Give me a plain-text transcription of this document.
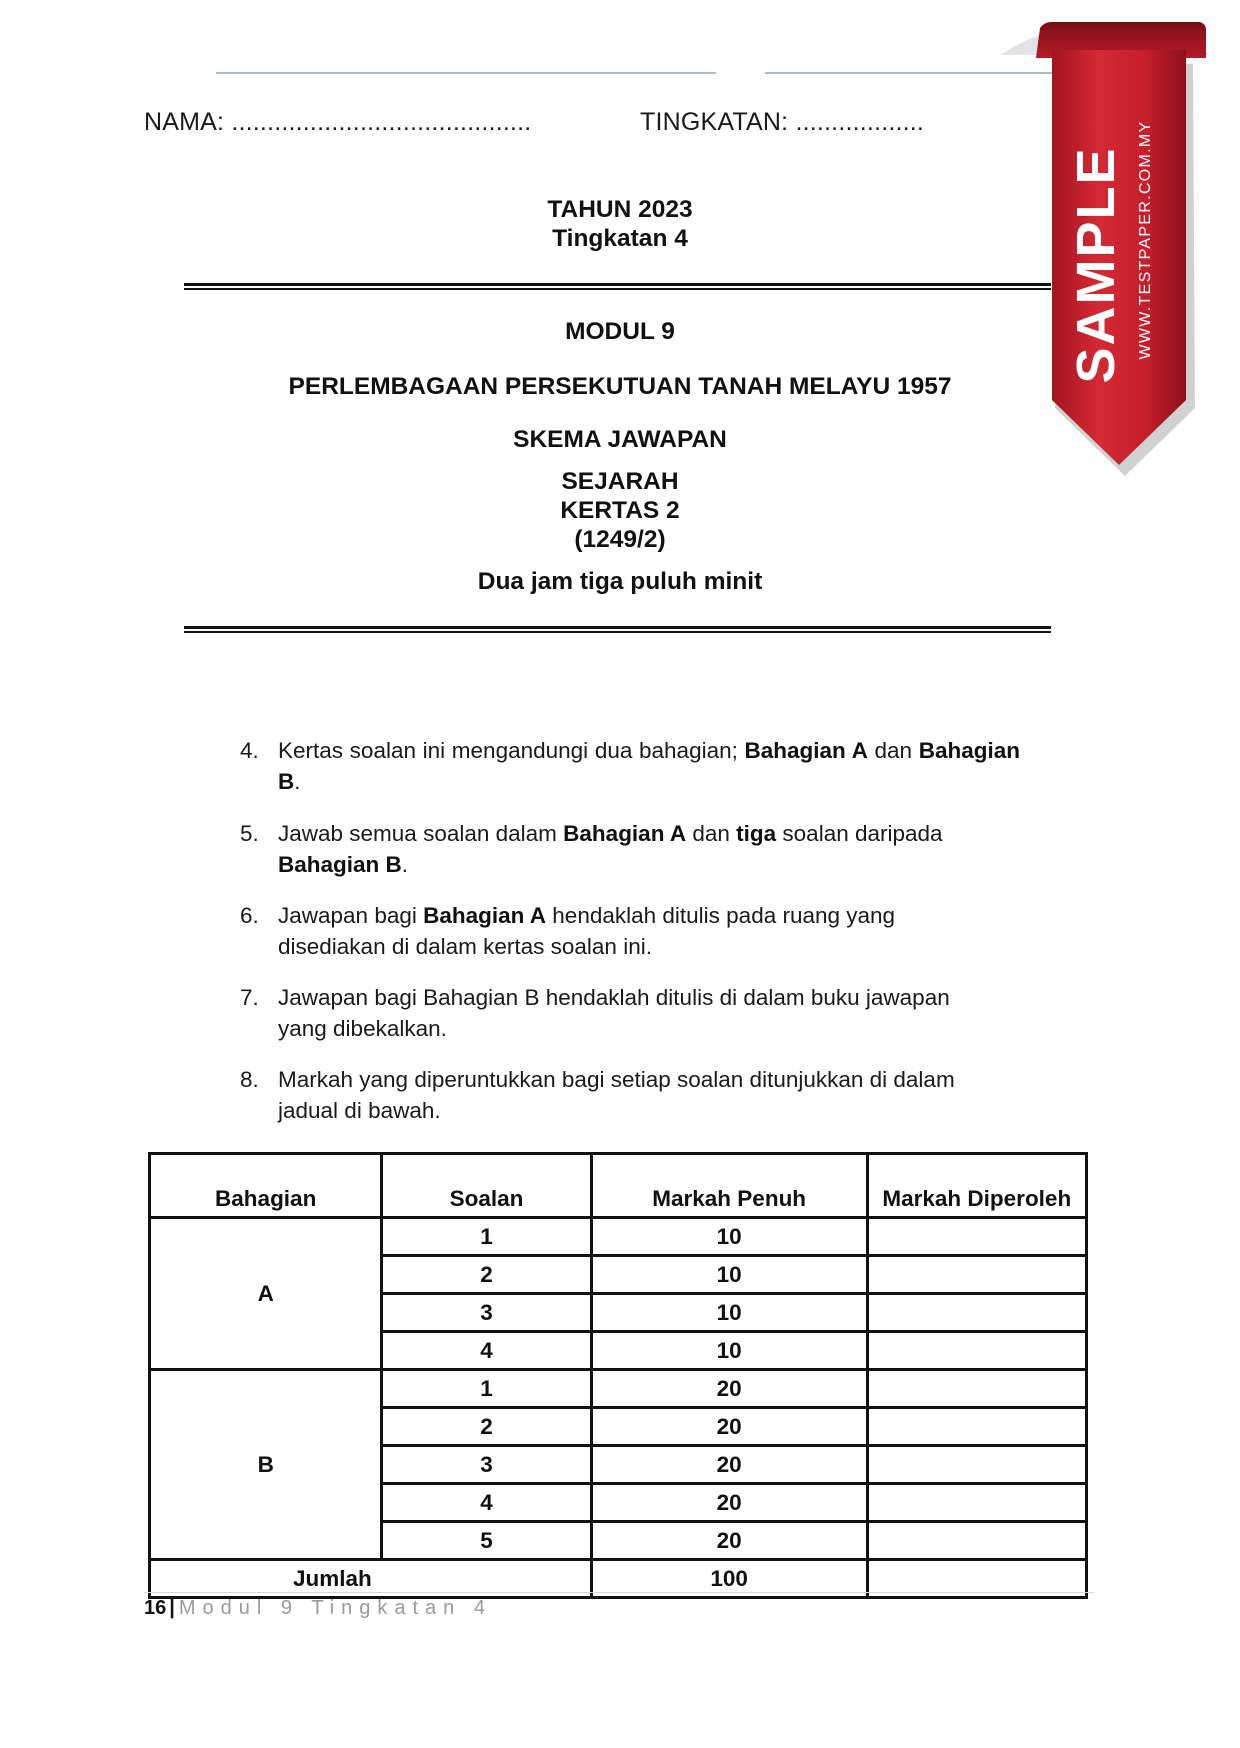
NAMA: ..........................................	TINGKATAN: ..................
TAHUN 2023
Tingkatan 4
MODUL 9
PERLEMBAGAAN PERSEKUTUAN TANAH MELAYU 1957
SKEMA JAWAPAN
SEJARAH
KERTAS 2
(1249/2)
Dua jam tiga puluh minit
4. Kertas soalan ini mengandungi dua bahagian; Bahagian A dan Bahagian B.
5. Jawab semua soalan dalam Bahagian A dan tiga soalan daripada Bahagian B.
6. Jawapan bagi Bahagian A hendaklah ditulis pada ruang yang disediakan di dalam kertas soalan ini.
7. Jawapan bagi Bahagian B hendaklah ditulis di dalam buku jawapan yang dibekalkan.
8. Markah yang diperuntukkan bagi setiap soalan ditunjukkan di dalam jadual di bawah.
Bahagian	Soalan	Markah Penuh	Markah Diperoleh
A	1	10	
	2	10	
	3	10	
	4	10	
B	1	20	
	2	20	
	3	20	
	4	20	
	5	20	
Jumlah		100	
16 | Modul 9 Tingkatan 4
SAMPLE WWW.TESTPAPER.COM.MY
